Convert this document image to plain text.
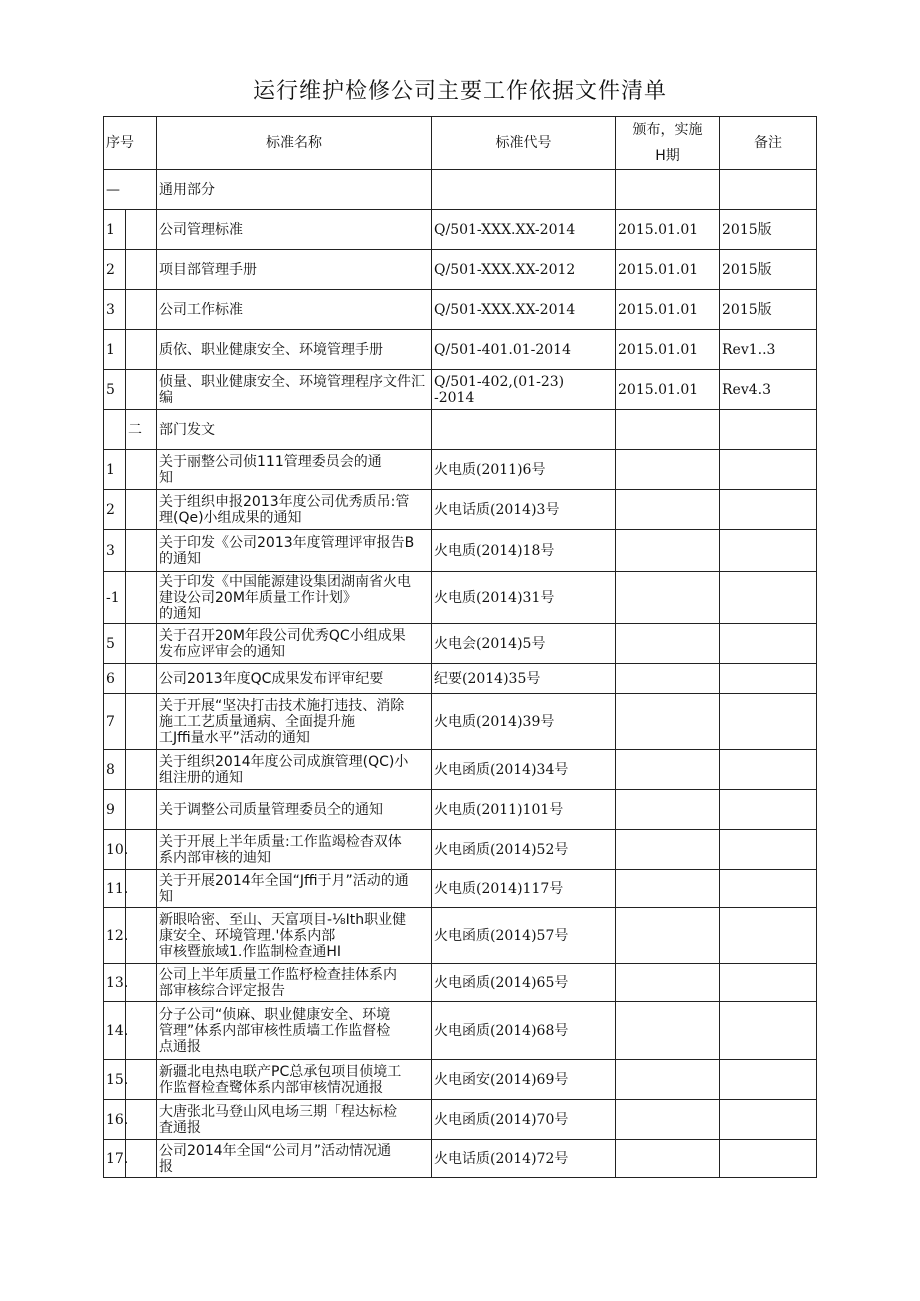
运行维护检修公司主要工作依据文件清单
序号		标准名称	标准代号	颁布，实施
H期	备注
—		通用部分			
1		公司管理标准	Q/501-XXX.XX-2014	2015.01.01	2015版
2		项目部管理手册	Q/501-XXX.XX-2012	2015.01.01	2015版
3		公司工作标准	Q/501-XXX.XX-2014	2015.01.01	2015版
1		质依、职业健康安全、环境管理手册	Q/501-401.01-2014	2015.01.01	Rev1..3
5		侦量、职业健康安全、环境管理程序文件汇编	Q/501-402,(01-23)
-2014	2015.01.01	Rev4.3
	二	部门发文			
1		关于丽整公司侦111管理委员会的通
知	火电质(2011)6号		
2		关于组织申报2013年度公司优秀质吊:管
理(Qe)小组成果的通知	火电话质(2014)3号		
3		关于印发《公司2013年度管理评审报告B
的通知	火电质(2014)18号		
-1		关于印发《中国能源建设集团湖南省火电
建设公司20M年质量工作计划》
的通知	火电质(2014)31号		
5		关于召开20M年段公司优秀QC小组成果
发布应评审会的通知	火电会(2014)5号		
6		公司2013年度QC成果发布评审纪要	纪要(2014)35号		
7		关于开展“坚决打击技术施打违技、消除
施工工艺质量通病、全面提升施
工Jffi量水平”活动的通知	火电质(2014)39号		
8		关于组织2014年度公司成旗管理(QC)小
组注册的通知	火电函质(2014)34号		
9		关于调整公司质量管理委员仝的通知	火电质(2011)101号		
10.		关于开展上半年质量:工作监竭检杳双体
系内部审核的迪知	火电函质(2014)52号		
11.		关于开展2014年全国“Jffi于月”活动的通
知	火电质(2014)117号		
12.		新眼哈密、至山、天富项目-⅛Ith职业健
康安全、环境管理.'体系内部
审核暨旅域1.作监制检查通HI	火电函质(2014)57号		
13.		公司上半年质量工作监杼检查挂体系内
部审核综合评定报告	火电函质(2014)65号		
14.		分子公司“侦麻、职业健康安全、环境
管理”体系内部审核性质墙工作监督检
点通报	火电函质(2014)68号		
15.		新疆北电热电联产PC总承包项目侦境工
作监督检查鹭体系内部审核情况通报	火电函安(2014)69号		
16.		大唐张北马登山风电场三期「程达标检
査通报	火电函质(2014)70号		
17.		公司2014年全国“公司月”活动情况通
报	火电话质(2014)72号		
